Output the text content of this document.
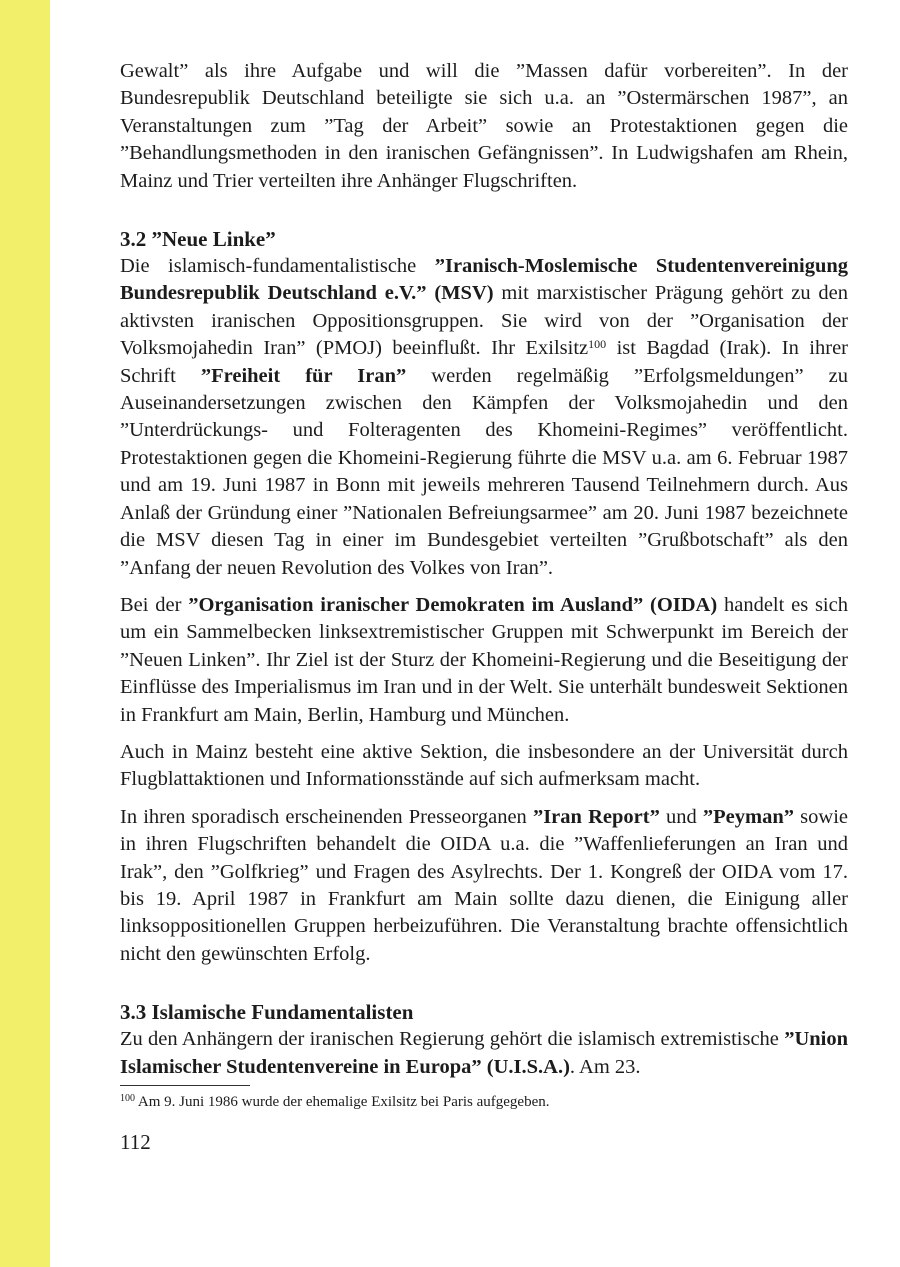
Gewalt” als ihre Aufgabe und will die ”Massen dafür vorbereiten”. In der Bundesrepublik Deutschland beteiligte sie sich u.a. an ”Ostermärschen 1987”, an Veranstaltungen zum ”Tag der Arbeit” sowie an Protestaktionen gegen die ”Behandlungsmethoden in den iranischen Gefängnissen”. In Ludwigshafen am Rhein, Mainz und Trier verteilten ihre Anhänger Flugschriften.

3.2 ”Neue Linke”

Die islamisch-fundamentalistische ”Iranisch-Moslemische Studentenvereinigung Bundesrepublik Deutschland e.V.” (MSV) mit marxistischer Prägung gehört zu den aktivsten iranischen Oppositionsgruppen. Sie wird von der ”Organisation der Volksmojahedin Iran” (PMOJ) beeinflußt. Ihr Exilsitz$^{100}$ ist Bagdad (Irak). In ihrer Schrift ”Freiheit für Iran” werden regelmäßig ”Erfolgsmeldungen” zu Auseinandersetzungen zwischen den Kämpfen der Volksmojahedin und den ”Unterdrückungs- und Folteragenten des Khomeini-Regimes” veröffentlicht. Protestaktionen gegen die Khomeini-Regierung führte die MSV u.a. am 6. Februar 1987 und am 19. Juni 1987 in Bonn mit jeweils mehreren Tausend Teilnehmern durch. Aus Anlaß der Gründung einer ”Nationalen Befreiungsarmee” am 20. Juni 1987 bezeichnete die MSV diesen Tag in einer im Bundesgebiet verteilten ”Grußbotschaft” als den ”Anfang der neuen Revolution des Volkes von Iran”.

Bei der ”Organisation iranischer Demokraten im Ausland” (OIDA) handelt es sich um ein Sammelbecken linksextremistischer Gruppen mit Schwerpunkt im Bereich der ”Neuen Linken”. Ihr Ziel ist der Sturz der Khomeini-Regierung und die Beseitigung der Einflüsse des Imperialismus im Iran und in der Welt. Sie unterhält bundesweit Sektionen in Frankfurt am Main, Berlin, Hamburg und München.

Auch in Mainz besteht eine aktive Sektion, die insbesondere an der Universität durch Flugblattaktionen und Informationsstände auf sich aufmerksam macht.

In ihren sporadisch erscheinenden Presseorganen ”Iran Report” und ”Peyman” sowie in ihren Flugschriften behandelt die OIDA u.a. die ”Waffenlieferungen an Iran und Irak”, den ”Golfkrieg” und Fragen des Asylrechts. Der 1. Kongreß der OIDA vom 17. bis 19. April 1987 in Frankfurt am Main sollte dazu dienen, die Einigung aller linksoppositionellen Gruppen herbeizuführen. Die Veranstaltung brachte offensichtlich nicht den gewünschten Erfolg.

3.3 Islamische Fundamentalisten

Zu den Anhängern der iranischen Regierung gehört die islamisch extremistische ”Union Islamischer Studentenvereine in Europa” (U.I.S.A.). Am 23.

$^{100}$ Am 9. Juni 1986 wurde der ehemalige Exilsitz bei Paris aufgegeben.
112
